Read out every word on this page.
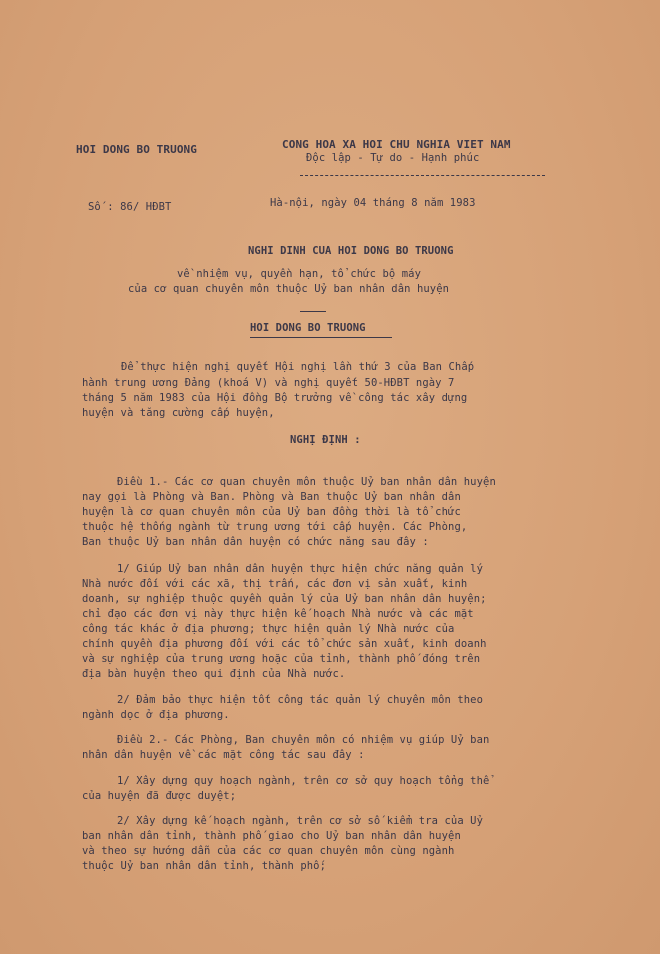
HOI DONG BO TRUONG	CONG HOA XA HOI CHU NGHIA VIET NAM
Độc lập - Tự do - Hạnh phúc
Số : 86/ HĐBT	Hà-nội, ngày 04 tháng 8 năm 1983
NGHI DINH CUA HOI DONG BO TRUONG
về nhiệm vụ, quyền hạn, tổ chức bộ máy
của cơ quan chuyên môn thuộc Uỷ ban nhân dân huyện
HOI DONG BO TRUONG
Để thực hiện nghị quyết Hội nghị lần thứ 3 của Ban Chấp
hành trung ương Đảng (khoá V) và nghị quyết 50-HĐBT ngày 7
tháng 5 năm 1983 của Hội đồng Bộ trưởng về công tác xây dựng
huyện và tăng cường cấp huyện,
NGHỊ ĐỊNH :
Điều 1.- Các cơ quan chuyên môn thuộc Uỷ ban nhân dân huyện
nay gọi là Phòng và Ban. Phòng và Ban thuộc Uỷ ban nhân dân
huyện là cơ quan chuyên môn của Uỷ ban đồng thời là tổ chức
thuộc hệ thống ngành từ trung ương tới cấp huyện. Các Phòng,
Ban thuộc Uỷ ban nhân dân huyện có chức năng sau đây :
1/ Giúp Uỷ ban nhân dân huyện thực hiện chức năng quản lý
Nhà nước đối với các xã, thị trấn, các đơn vị sản xuất, kinh
doanh, sự nghiệp thuộc quyền quản lý của Uỷ ban nhân dân huyện;
chỉ đạo các đơn vị này thực hiện kế hoạch Nhà nước và các mặt
công tác khác ở địa phương; thực hiện quản lý Nhà nước của
chính quyền địa phương đối với các tổ chức sản xuất, kinh doanh
và sự nghiệp của trung ương hoặc của tỉnh, thành phố đóng trên
địa bàn huyện theo qui định của Nhà nước.
2/ Đảm bảo thực hiện tốt công tác quản lý chuyên môn theo
ngành dọc ở địa phương.
Điều 2.- Các Phòng, Ban chuyên môn có nhiệm vụ giúp Uỷ ban
nhân dân huyện về các mặt công tác sau đây :
1/ Xây dựng quy hoạch ngành, trên cơ sở quy hoạch tổng thể
của huyện đã được duyệt;
2/ Xây dựng kế hoạch ngành, trên cơ sở số kiểm tra của Uỷ
ban nhân dân tỉnh, thành phố giao cho Uỷ ban nhân dân huyện
và theo sự hướng dẫn của các cơ quan chuyên môn cùng ngành
thuộc Uỷ ban nhân dân tỉnh, thành phố;
